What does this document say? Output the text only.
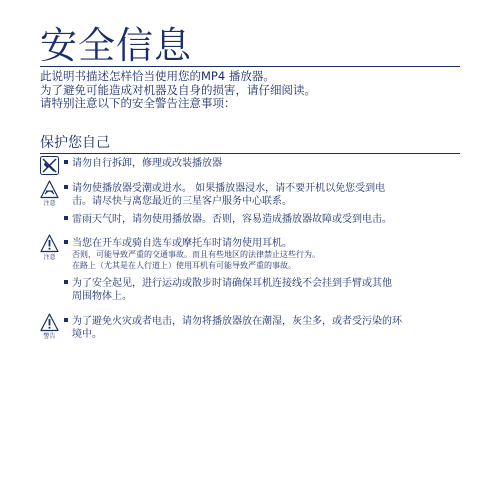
安全信息
此说明书描述怎样恰当使用您的MP4 播放器。
为了避免可能造成对机器及自身的损害，请仔细阅读。
请特别注意以下的安全警告注意事项：
保护您自己
注意
注意
警告
请勿自行拆卸，修理或改装播放器
请勿使播放器受潮或进水。 如果播放器浸水，请不要开机以免您受到电
击。请尽快与离您最近的三星客户服务中心联系。
雷雨天气时，请勿使用播放器。否则，容易造成播放器故障或受到电击。
当您在开车或骑自选车或摩托车时请勿使用耳机。
否则，可能导致严重的交通事故。而且有些地区的法律禁止这些行为。
在路上（尤其是在人行道上）使用耳机有可能导致严重的事故。
为了安全起见，进行运动或散步时请确保耳机连接线不会挂到手臂或其他
周围物体上。
为了避免火灾或者电击，请勿将播放器放在潮湿，灰尘多，或者受污染的环
境中。
